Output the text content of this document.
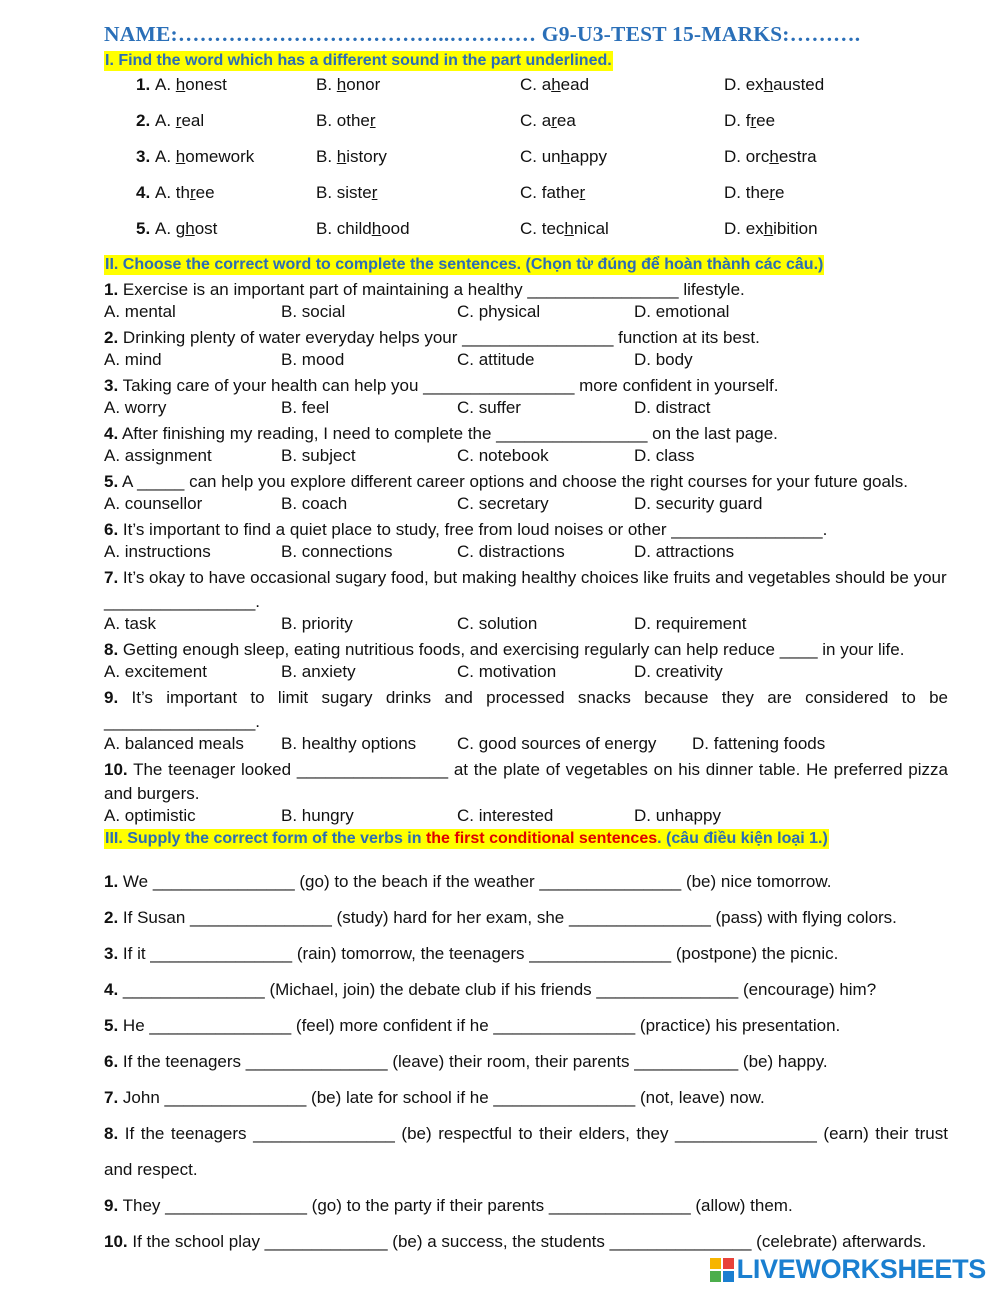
NAME:………………………………..………… G9-U3-TEST 15-MARKS:……….
I. Find the word which has a different sound in the part underlined.
1. A. honest	B. honor	C. ahead	D. exhausted
2. A. real	B. other	C. area	D. free
3. A. homework	B. history	C. unhappy	D. orchestra
4. A. three	B. sister	C. father	D. there
5. A. ghost	B. childhood	C. technical	D. exhibition
II. Choose the correct word to complete the sentences. (Chọn từ đúng để hoàn thành các câu.)
1. Exercise is an important part of maintaining a healthy ________________ lifestyle.
A. mental	B. social	C. physical	D. emotional
2. Drinking plenty of water everyday helps your ________________ function at its best.
A. mind	B. mood	C. attitude	D. body
3. Taking care of your health can help you ________________ more confident in yourself.
A. worry	B. feel	C. suffer	D. distract
4. After finishing my reading, I need to complete the ________________ on the last page.
A. assignment	B. subject	C. notebook	D. class
5. A _____ can help you explore different career options and choose the right courses for your future goals.
A. counsellor	B. coach	C. secretary	D. security guard
6. It’s important to find a quiet place to study, free from loud noises or other ________________.
A. instructions	B. connections	C. distractions	D. attractions
7. It’s okay to have occasional sugary food, but making healthy choices like fruits and vegetables should be your ________________.
A. task	B. priority	C. solution	D. requirement
8. Getting enough sleep, eating nutritious foods, and exercising regularly can help reduce ____ in your life.
A. excitement	B. anxiety	C. motivation	D. creativity
9. It’s important to limit sugary drinks and processed snacks because they are considered to be ________________.
A. balanced meals B. healthy options C. good sources of energy D. fattening foods
10. The teenager looked ________________ at the plate of vegetables on his dinner table. He preferred pizza and burgers.
A. optimistic	B. hungry	C. interested	D. unhappy
III. Supply the correct form of the verbs in the first conditional sentences. (câu điều kiện loại 1.)
1. We _______________ (go) to the beach if the weather _______________ (be) nice tomorrow.
2. If Susan _______________ (study) hard for her exam, she _______________ (pass) with flying colors.
3. If it _______________ (rain) tomorrow, the teenagers _______________ (postpone) the picnic.
4. _______________ (Michael, join) the debate club if his friends _______________ (encourage) him?
5. He _______________ (feel) more confident if he _______________ (practice) his presentation.
6. If the teenagers _______________ (leave) their room, their parents ___________ (be) happy.
7. John _______________ (be) late for school if he _______________ (not, leave) now.
8. If the teenagers _______________ (be) respectful to their elders, they _______________ (earn) their trust and respect.
9. They _______________ (go) to the party if their parents _______________ (allow) them.
10. If the school play _____________ (be) a success, the students _______________ (celebrate) afterwards.
LIVEWORKSHEETS
